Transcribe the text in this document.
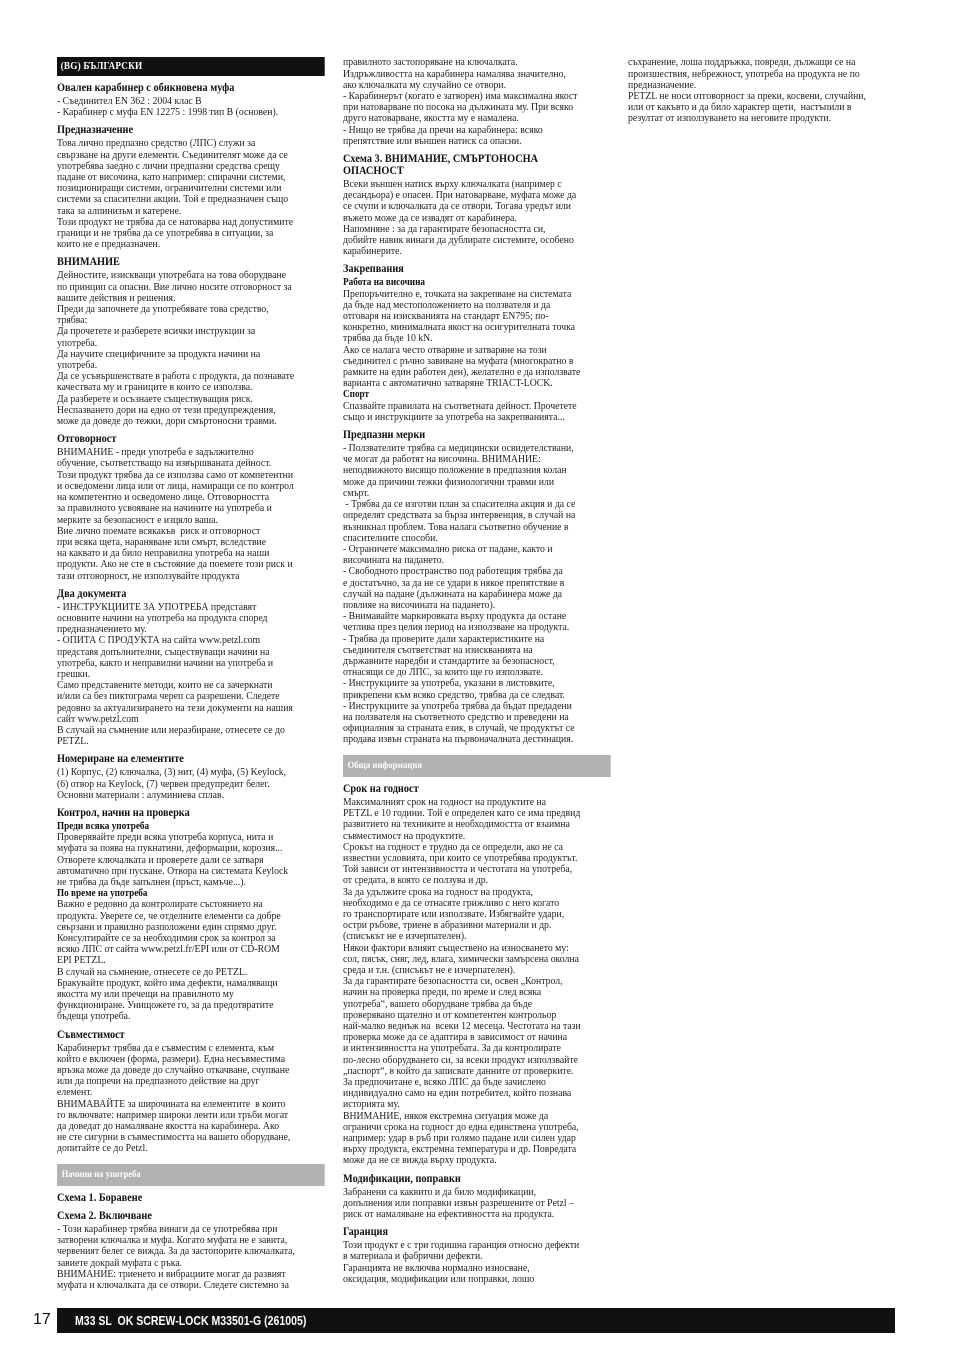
(BG) БЪЛГАРСКИ
Овален карабинер с обикновена муфа
- Съединител EN 362 : 2004 клас B
- Карабинер с муфа EN 12275 : 1998 тип B (основен).
Предназначение
Това лично предпазно средство (ЛПС) служи за
свързване на други елементи. Съединителят може да се
употребява заедно с лични предпазни средства срещу
падане от височина, като например: спирачни системи,
позициониращи системи, ограничителни системи или
системи за спасителни акции. Той е предназначен също
така за алпинизъм и катерене.
Този продукт не трябва да се натоварва над допустимите
граници и не трябва да се употребява в ситуации, за
които не е предназначен.
ВНИМАНИЕ
Дейностите, изискващи употребата на това оборудване
по принцип са опасни. Вие лично носите отговорност за
вашите действия и решения.
Преди да започнете да употребявате това средство,
трябва:
Да прочетете и разберете всички инструкции за
употреба.
Да научите специфичните за продукта начини на
употреба.
Да се усъвършенствате в работа с продукта, да познавате
качествата му и границите в които се използва.
Да разберете и осъзнаете съществуващия риск.
Неспазването дори на едно от тези предупреждения,
може да доведе до тежки, дори смъртоносни травми.
Отговорност
ВНИМАНИЕ - преди употреба е задължително
обучение, съответстващо на извършваната дейност.
Този продукт трябва да се използва само от компетентни
и осведомени лица или от лица, намиращи се по контрол
на компетентно и осведомено лице. Отговорността
за правилното усвояване на начините на употреба и
мерките за безопасност е изцяло ваша.
Вие лично поемате всякакъв  риск и отговорност
при всяка щета, нараняване или смърт, вследствие
на каквато и да било неправилна употреба на наши
продукти. Ако не сте в състояние да поемете този риск и
тази отговорност, не използувайте продукта
Два документа
- ИНСТРУКЦИИТЕ ЗА УПОТРЕБА представят
основните начини на употреба на продукта според
предназначението му.
- ОПИТА С ПРОДУКТА на сайта www.petzl.com
представя допълнителни, съществуващи начини на
употреба, както и неправилни начини на употреба и
грешки.
Само представените методи, които не са зачеркнати
и/или са без пиктограма череп са разрешени. Следете
редовно за актуализирането на тези документи на нашия
сайт www.petzl.com
В случай на съмнение или неразбиране, отнесете се до
PETZL.
Номериране на елементите
(1) Корпус, (2) ключалка, (3) нит, (4) муфа, (5) Keylock,
(6) отвор на Keylock, (7) червен предупредит белег.
Основни материали : алуминиева сплав.
Контрол, начин на проверка
Преди всяка употреба
Проверявайте преди всяка употреба корпуса, нита и
муфата за поява на пукнатини, деформации, корозия...
Отворете ключалката и проверете дали се затваря
автоматично при пускане. Отвора на системата Keylock
не трябва да бъде запълнен (пръст, камъче...).
По време на употреба
Важно е редовно да контролирате състоянието на
продукта. Уверете се, че отделните елементи са добре
свързани и правилно разположени един спрямо друг.
Консултирайте се за необходимия срок за контрол за
всяко ЛПС от сайта www.petzl.fr/EPI или от CD-ROM
EPI PETZL.
В случай на съмнение, отнесете се до PETZL.
Бракувайте продукт, който има дефекти, намаляващи
якостта му или пречещи на правилното му
функциониране. Унищожете го, за да предотвратите
бъдеща употреба.
Съвместимост
Карабинерът трябва да е съвместим с елемента, към
който е включен (форма, размери). Една несъвместима
връзка може да доведе до случайно откачване, счупване
или да попречи на предпазното действие на друг
елемент.
ВНИМАВАЙТЕ за широчината на елементите  в които
го включвате: например широки ленти или тръби могат
да доведат до намаляване якостта на карабинера. Ако
не сте сигурни в съвместимостта на вашето оборудване,
допитайте се до Petzl.
Начини на употреба
Схема 1. Боравене
Схема 2. Включване
- Този карабинер трябва винаги да се употребява при
затворени ключалка и муфа. Когато муфата не е завита,
червеният белег се вижда. За да застопорите ключалката,
завиете докрай муфата с ръка.
ВНИМАНИЕ: триенето и вибрациите могат да развият
муфата и ключалката да се отвори. Следете системно за
правилното застопоряване на ключалката.
Издръжливостта на карабинера намалява значително,
ако ключалката му случайно се отвори.
- Карабинерът (когато е затворен) има максимална якост
при натоварване по посока на дължината му. При всяко
друго натоварване, якостта му е намалена.
- Нищо не трябва да пречи на карабинера: всяко
препятствие или външен натиск са опасни.
Схема 3. ВНИМАНИЕ, СМЪРТОНОСНА
ОПАСНОСТ
Всеки външен натиск върху ключалката (например с
десандьора) е опасен. При натоварване, муфата може да
се счупи и ключалката да се отвори. Тогава уредът или
въжето може да се извадят от карабинера.
Напомняне : за да гарантирате безопасността си,
добийте навик винаги да дублирате системите, особено
карабинерите.
Закрепвания
Работа на височина
Препоръчително е, точката на закрепване на системата
да бъде над местоположението на ползвателя и да
отговаря на изискванията на стандарт EN795; по-
конкретно, минималната якост на осигурителната точка
трябва да бъде 10 kN.
Ако се налага често отваряне и затваряне на този
съединител с ръчно завиване на муфата (многократно в
рамките на един работен ден), желателно е да използвате
варианта с автоматично затваряне TRIACT-LOCK.
Спорт
Спазвайте правилата на съответната дейност. Прочетете
също и инструкциите за употреба на закрепванията...
Предпазни мерки
- Ползвателите трябва са медицински освидетелствани,
че могат да работят на височина. ВНИМАНИЕ:
неподвижното висящо положение в предпазния колан
може да причини тежки физиологични травми или
смърт.
- Трябва да се изготви план за спасителна акция и да се
определят средствата за бърза интервенция, в случай на
възникнал проблем. Това налага съответно обучение в
спасителните способи.
- Ограничете максимално риска от падане, както и
височината на падането.
- Свободното пространство под работещия трябва да
е достатъчно, за да не се удари в някое препятствие в
случай на падане (дължината на карабинера може да
повлияе на височината на падането).
- Внимавайте маркировката върху продукта да остане
четлива през целия период на използване на продукта.
- Трябва да проверите дали характеристиките на
съединителя съответстват на изискванията на
държавните наредби и стандартите за безопасност,
отнасящи се до ЛПС, за които ще го използвате.
- Инструкциите за употреба, указани в листовките,
прикрепени към всяко средство, трябва да се следват.
- Инструкциите за употреба трябва да бъдат предадени
на ползвателя на съответното средство и преведени на
официалния за страната език, в случай, че продуктът се
продава извън страната на първоначалната дестинация.
Обща информация
Срок на годност
Максималният срок на годност на продуктите на
PETZL е 10 години. Той е определен като се има предвид
развитието на техниките и необходимостта от взаимна
съвместимост на продуктите.
Срокът на годност е трудно да се определи, ако не са
известни условията, при които се употребява продуктът.
Той зависи от интензивността и честотата на употреба,
от средата, в която се ползува и др.
За да удължите срока на годност на продукта,
необходимо е да се отнасяте грижливо с него когато
го транспортирате или използвате. Избягвайте удари,
остри ръбове, триене в абразивни материали и др.
(списъкът не е изчерпателен).
Някои фактори влияят съществено на износването му:
сол, пясък, сняг, лед, влага, химически замърсена околна
среда и т.н. (списъкът не е изчерпателен).
За да гарантирате безопасността си, освен „Контрол,
начин на проверка преди, по време и след всяка
употреба“, вашето оборудване трябва да бъде
проверявано щателно и от компетентен контрольор
най-малко веднъж на  всеки 12 месеца. Честотата на тази
проверка може да се адаптира в зависимост от начина
и интензивността на употребата. За да контролирате
по-лесно оборудването си, за всеки продукт използвайте
„паспорт“, в който да записвате данните от проверките.
За предпочитане е, всяко ЛПС да бъде зачислено
индивидуално само на един потребител, който познава
историята му.
ВНИМАНИЕ, някоя екстремна ситуация може да
ограничи срока на годност до една единствена употреба,
например: удар в ръб при голямо падане или силен удар
върху продукта, екстремна температура и др. Повредата
може да не се вижда върху продукта.
Модификации, поправки
Забранени са каквито и да било модификации,
допълнения или поправки извън разрешените от Petzl –
риск от намаляване на ефективността на продукта.
Гаранция
Този продукт е с три годишна гаранция относно дефекти
в материала и фабрични дефекти.
Гаранцията не включва нормално износване,
оксидация, модификации или поправки, лошо
съхранение, лоша поддръжка, повреди, дължащи се на
произшествия, небрежност, употреба на продукта не по
предназначение.
PETZL не носи отговорност за преки, косвени, случайни,
или от какъвто и да било характер щети,  настъпили в
резултат от използуването на неговите продукти.
17	M33 SL  OK SCREW-LOCK M33501-G (261005)
